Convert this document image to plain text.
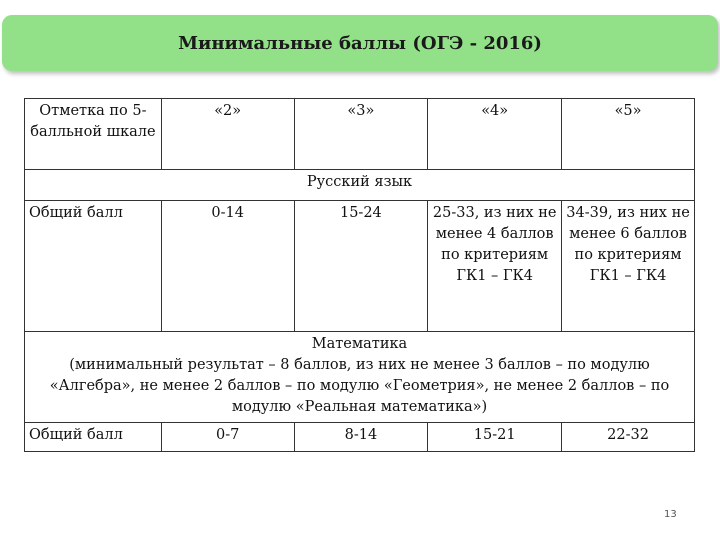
Минимальные баллы (ОГЭ - 2016)
Отметка по 5-балльной шкале	«2»	«3»	«4»	«5»
Русский язык				
Общий балл	0-14	15-24	25-33, из них не менее 4 баллов по критериям ГК1 – ГК4	34-39, из них не менее 6 баллов по критериям ГК1 – ГК4

Математика
(минимальный результат – 8 баллов, из них не менее 3 баллов – по модулю «Алгебра», не менее 2 баллов – по модулю «Геометрия», не менее 2 баллов – по модулю «Реальная математика»)				

Общий балл	0-7	8-14	15-21	22-32
13
